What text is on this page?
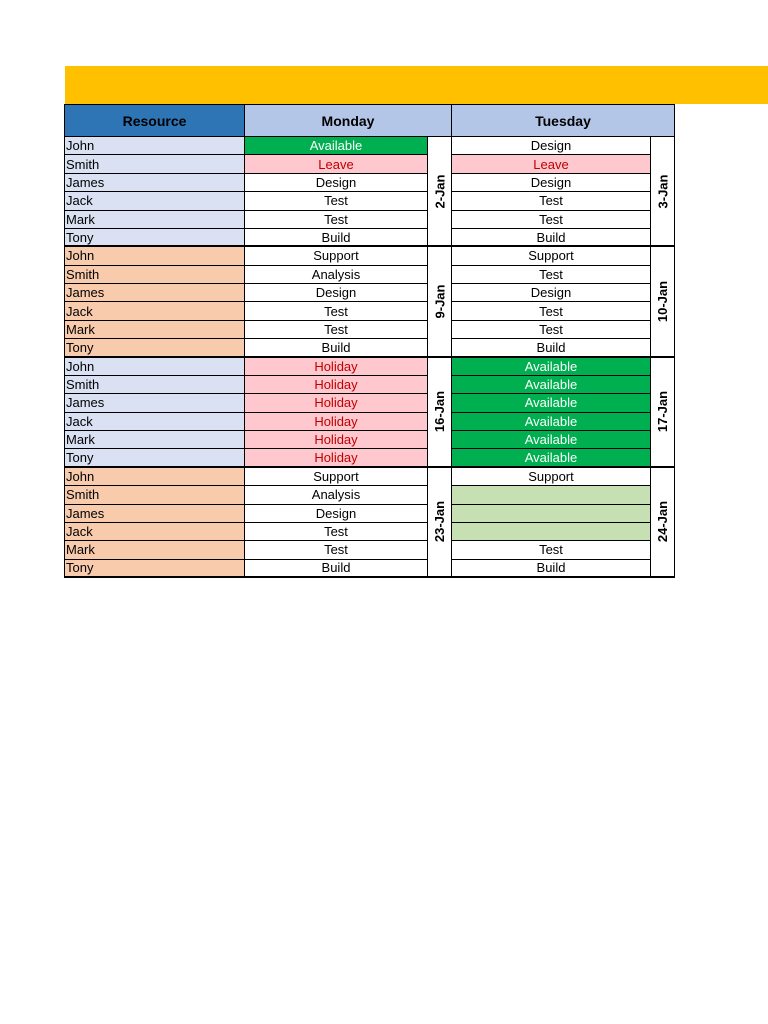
Resource	Monday	Tuesday
John	Available	Design
Smith	Leave	Leave
James	Design	Design
Jack	Test	Test
Mark	Test	Test
Tony	Build	Build
2-Jan	3-Jan
John	Support	Support
Smith	Analysis	Test
James	Design	Design
Jack	Test	Test
Mark	Test	Test
Tony	Build	Build
9-Jan	10-Jan
John	Holiday	Available
Smith	Holiday	Available
James	Holiday	Available
Jack	Holiday	Available
Mark	Holiday	Available
Tony	Holiday	Available
16-Jan	17-Jan
John	Support	Support
Smith	Analysis
James	Design
Jack	Test
Mark	Test	Test
Tony	Build	Build
23-Jan	24-Jan
